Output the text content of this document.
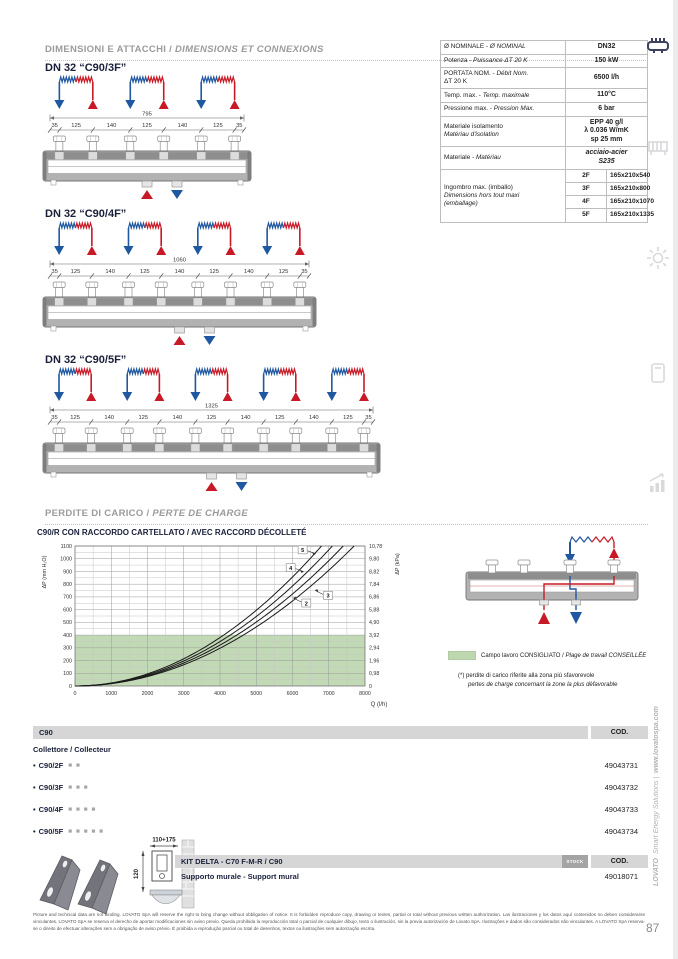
DIMENSIONI E ATTACCHI / DIMENSIONS ET CONNEXIONS	Ø NOMINALE - Ø NOMINAL	DN32	
Potenza - Puissance ΔT 20 K	150 kW	
PORTATA NOM. - Débit Nom.
ΔT 20 K	6500 l/h	
Temp. max. - Temp. maximale	110°C	
Pressione max. - Pression Max.	6 bar	
Materiale isolamento
Matériau d'isolation	EPP 40 g/l
λ 0.036 W/mK
sp 25 mm	
Materiale - Matériau	acciaio-acier
S235	
Ingombro max. (imballo)
Dimensions hors tout maxi
(emballage)	2F	165x210x540
	3F	165x210x800
	4F	165x210x1070
	5F	165x210x1335
DN 32 “C90/3F”
795
35 125	140	125	140	125 35
DN 32 “C90/4F”
1060
35 125	140	125	140	125	140	125 35
DN 32 “C90/5F”
1325
35 125	140	125	140	125	140	125	140	125 35
PERDITE DI CARICO / PERTE DE CHARGE
C90/R CON RACCORDO CARTELLATO / AVEC RACCORD DÉCOLLETÉ
5
4
3
2
0
100
200
300
400
500
600
700
800
900
1000
1100
0
0,98
1,96
2,94
3,92
4,90
5,88
6,86
7,84
8,82
9,80
10,78
0	1000	2000	3000	4000	5000	6000	7000	8000
Q (l/h)
ΔP (mm H₂O)	ΔP (kPa)
Campo lavoro CONSIGLIATO / Plage de travail CONSEILLÉE
(*) perdite di carico riferite alla zona più sfavorevole
pertes de charge concernant la zone la plus défavorable
C90	COD.
Collettore / Collecteur
• C90/2F ■ ■	49043731
• C90/3F ■ ■ ■	49043732
• C90/4F ■ ■ ■ ■	49043733
• C90/5F ■ ■ ■ ■ ■	49043734
110+175
120
KIT DELTA - C70 F-M-R / C90	STOCK	COD.
Supporto murale - Support mural	49018071
Picture and technical data are not binding. LOVATO SpA will reserve the right to bring change without obbligation of notice. It is forbidden reproduce copy, drawing or textes, partial or total without previous written authorization. Las ilustraciones y los datos aquí contenidos no deben considerarse vinculantes. LOVATO SpA se reserva el derecho de aportar modificaciones sin aviso previo. Queda prohibida la reproducción total o parcial de cualquier dibujo, texto o ilustración, sin la previa autorización de Lovato SpA. Ilustrações e dados são considerados não vinculantes. A LOVATO SpA reserva-se o direito de efectuar alterações sem a obrigação de aviso prévio. É proibida a reprodução parcial ou total de desenhos, textos ou ilustrações sem autorização escrita.	87
LOVATO
Smart Energy Solutions |
www.lovatospa.com
